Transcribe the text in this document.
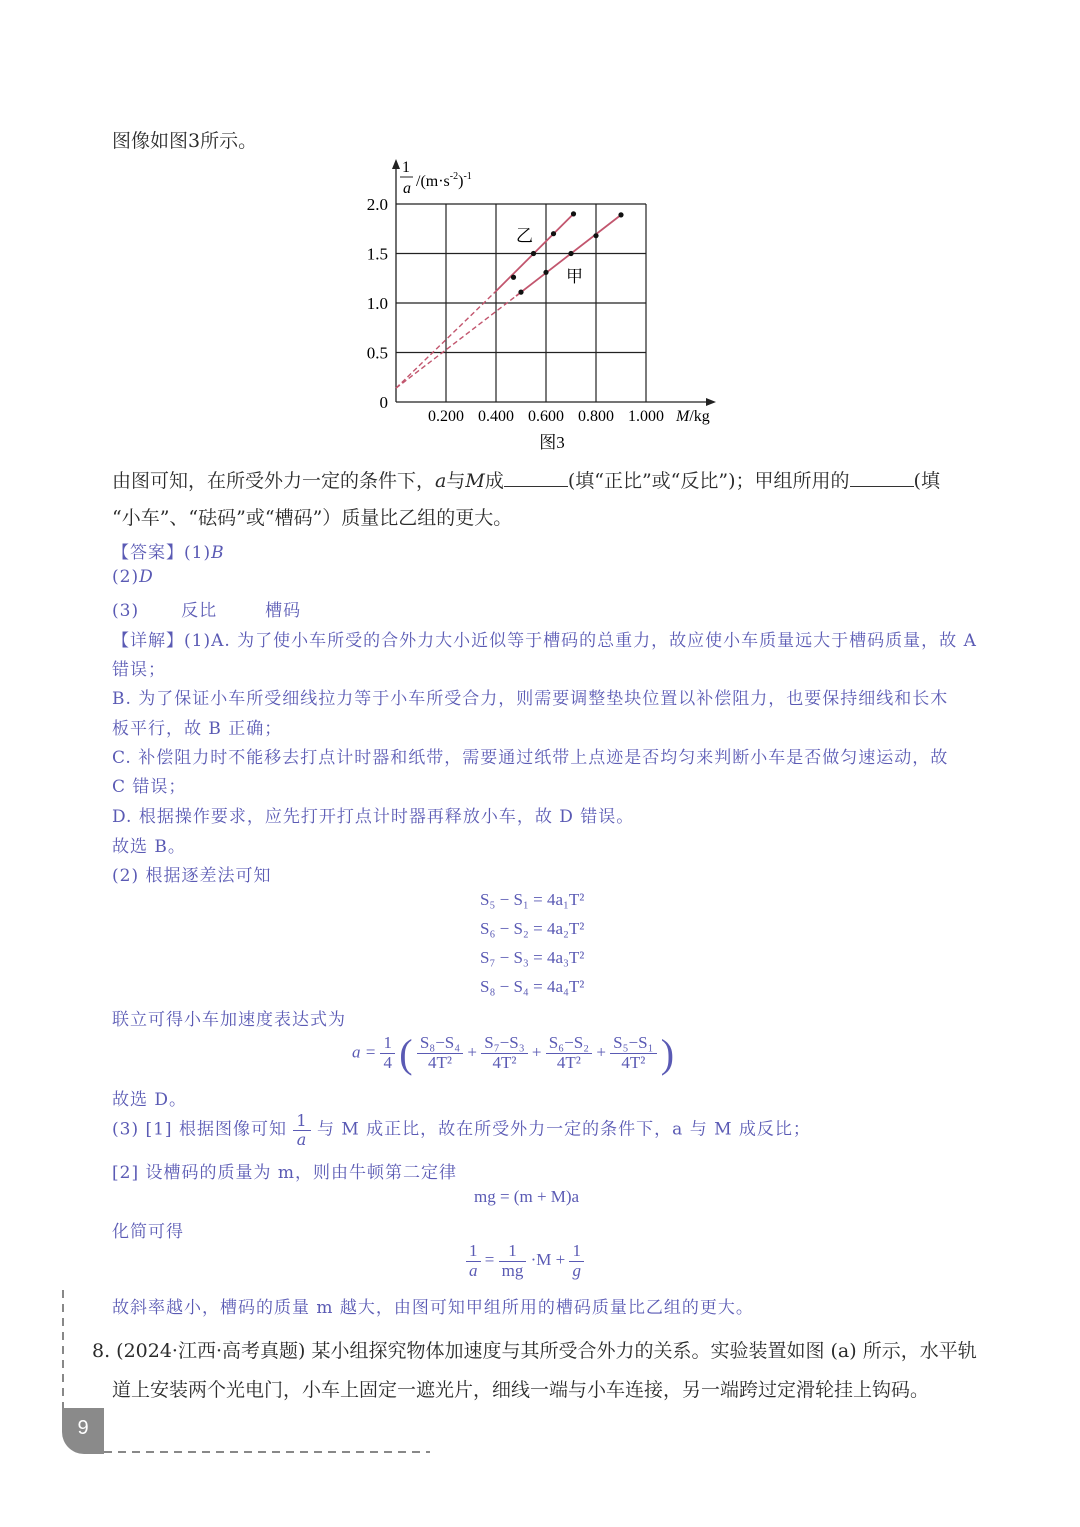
图像如图3所示。
0
0.5
1.0
1.5
2.0
0.200 0.400 0.600 0.800 1.000
乙
甲
1
a $/(m\cdot s^{-2})^{-1}$
M/kg
图3
由图可知，在所受外力一定的条件下，a与M成	(填“正比”或“反比”)；甲组所用的	(填
“小车”、“砝码”或“槽码”）质量比乙组的更大。
【答案】(1)B
(2)D
(3) 反比	槽码
【详解】(1)A. 为了使小车所受的合外力大小近似等于槽码的总重力，故应使小车质量远大于槽码质量，故 A
错误；
B. 为了保证小车所受细线拉力等于小车所受合力，则需要调整垫块位置以补偿阻力，也要保持细线和长木
板平行，故 B 正确；
C. 补偿阻力时不能移去打点计时器和纸带，需要通过纸带上点迹是否均匀来判断小车是否做匀速运动，故
C 错误；
D. 根据操作要求，应先打开打点计时器再释放小车，故 D 错误。
故选 B。
(2) 根据逐差法可知
S₅ − S₁ = 4a₁T²
S₆ − S₂ = 4a₂T²
S₇ − S₃ = 4a₃T²
S₈ − S₄ = 4a₄T²
联立可得小车加速度表达式为
$a = \frac{1}{4}$ ( $\frac{\text{S₈−S₄}}{\text{4T²}} + \frac{\text{S₇−S₃}}{\text{4T²}} + \frac{\text{S₆−S₂}}{\text{4T²}} + \frac{\text{S₅−S₁}}{\text{4T²}}$ )
故选 D。
(3) [1] 根据图像可知 $\frac{1}{a}$ 与 M 成正比，故在所受外力一定的条件下，a 与 M 成反比；
[2] 设槽码的质量为 m，则由牛顿第二定律
mg = (m + M)a
化简可得
$\frac{1}{a} = \frac{1}{mg} \cdot M + \frac{1}{g}$
故斜率越小，槽码的质量 m 越大，由图可知甲组所用的槽码质量比乙组的更大。
8. (2024·江西·高考真题) 某小组探究物体加速度与其所受合外力的关系。实验装置如图 (a) 所示，水平轨
道上安装两个光电门，小车上固定一遮光片，细线一端与小车连接，另一端跨过定滑轮挂上钩码。
9
